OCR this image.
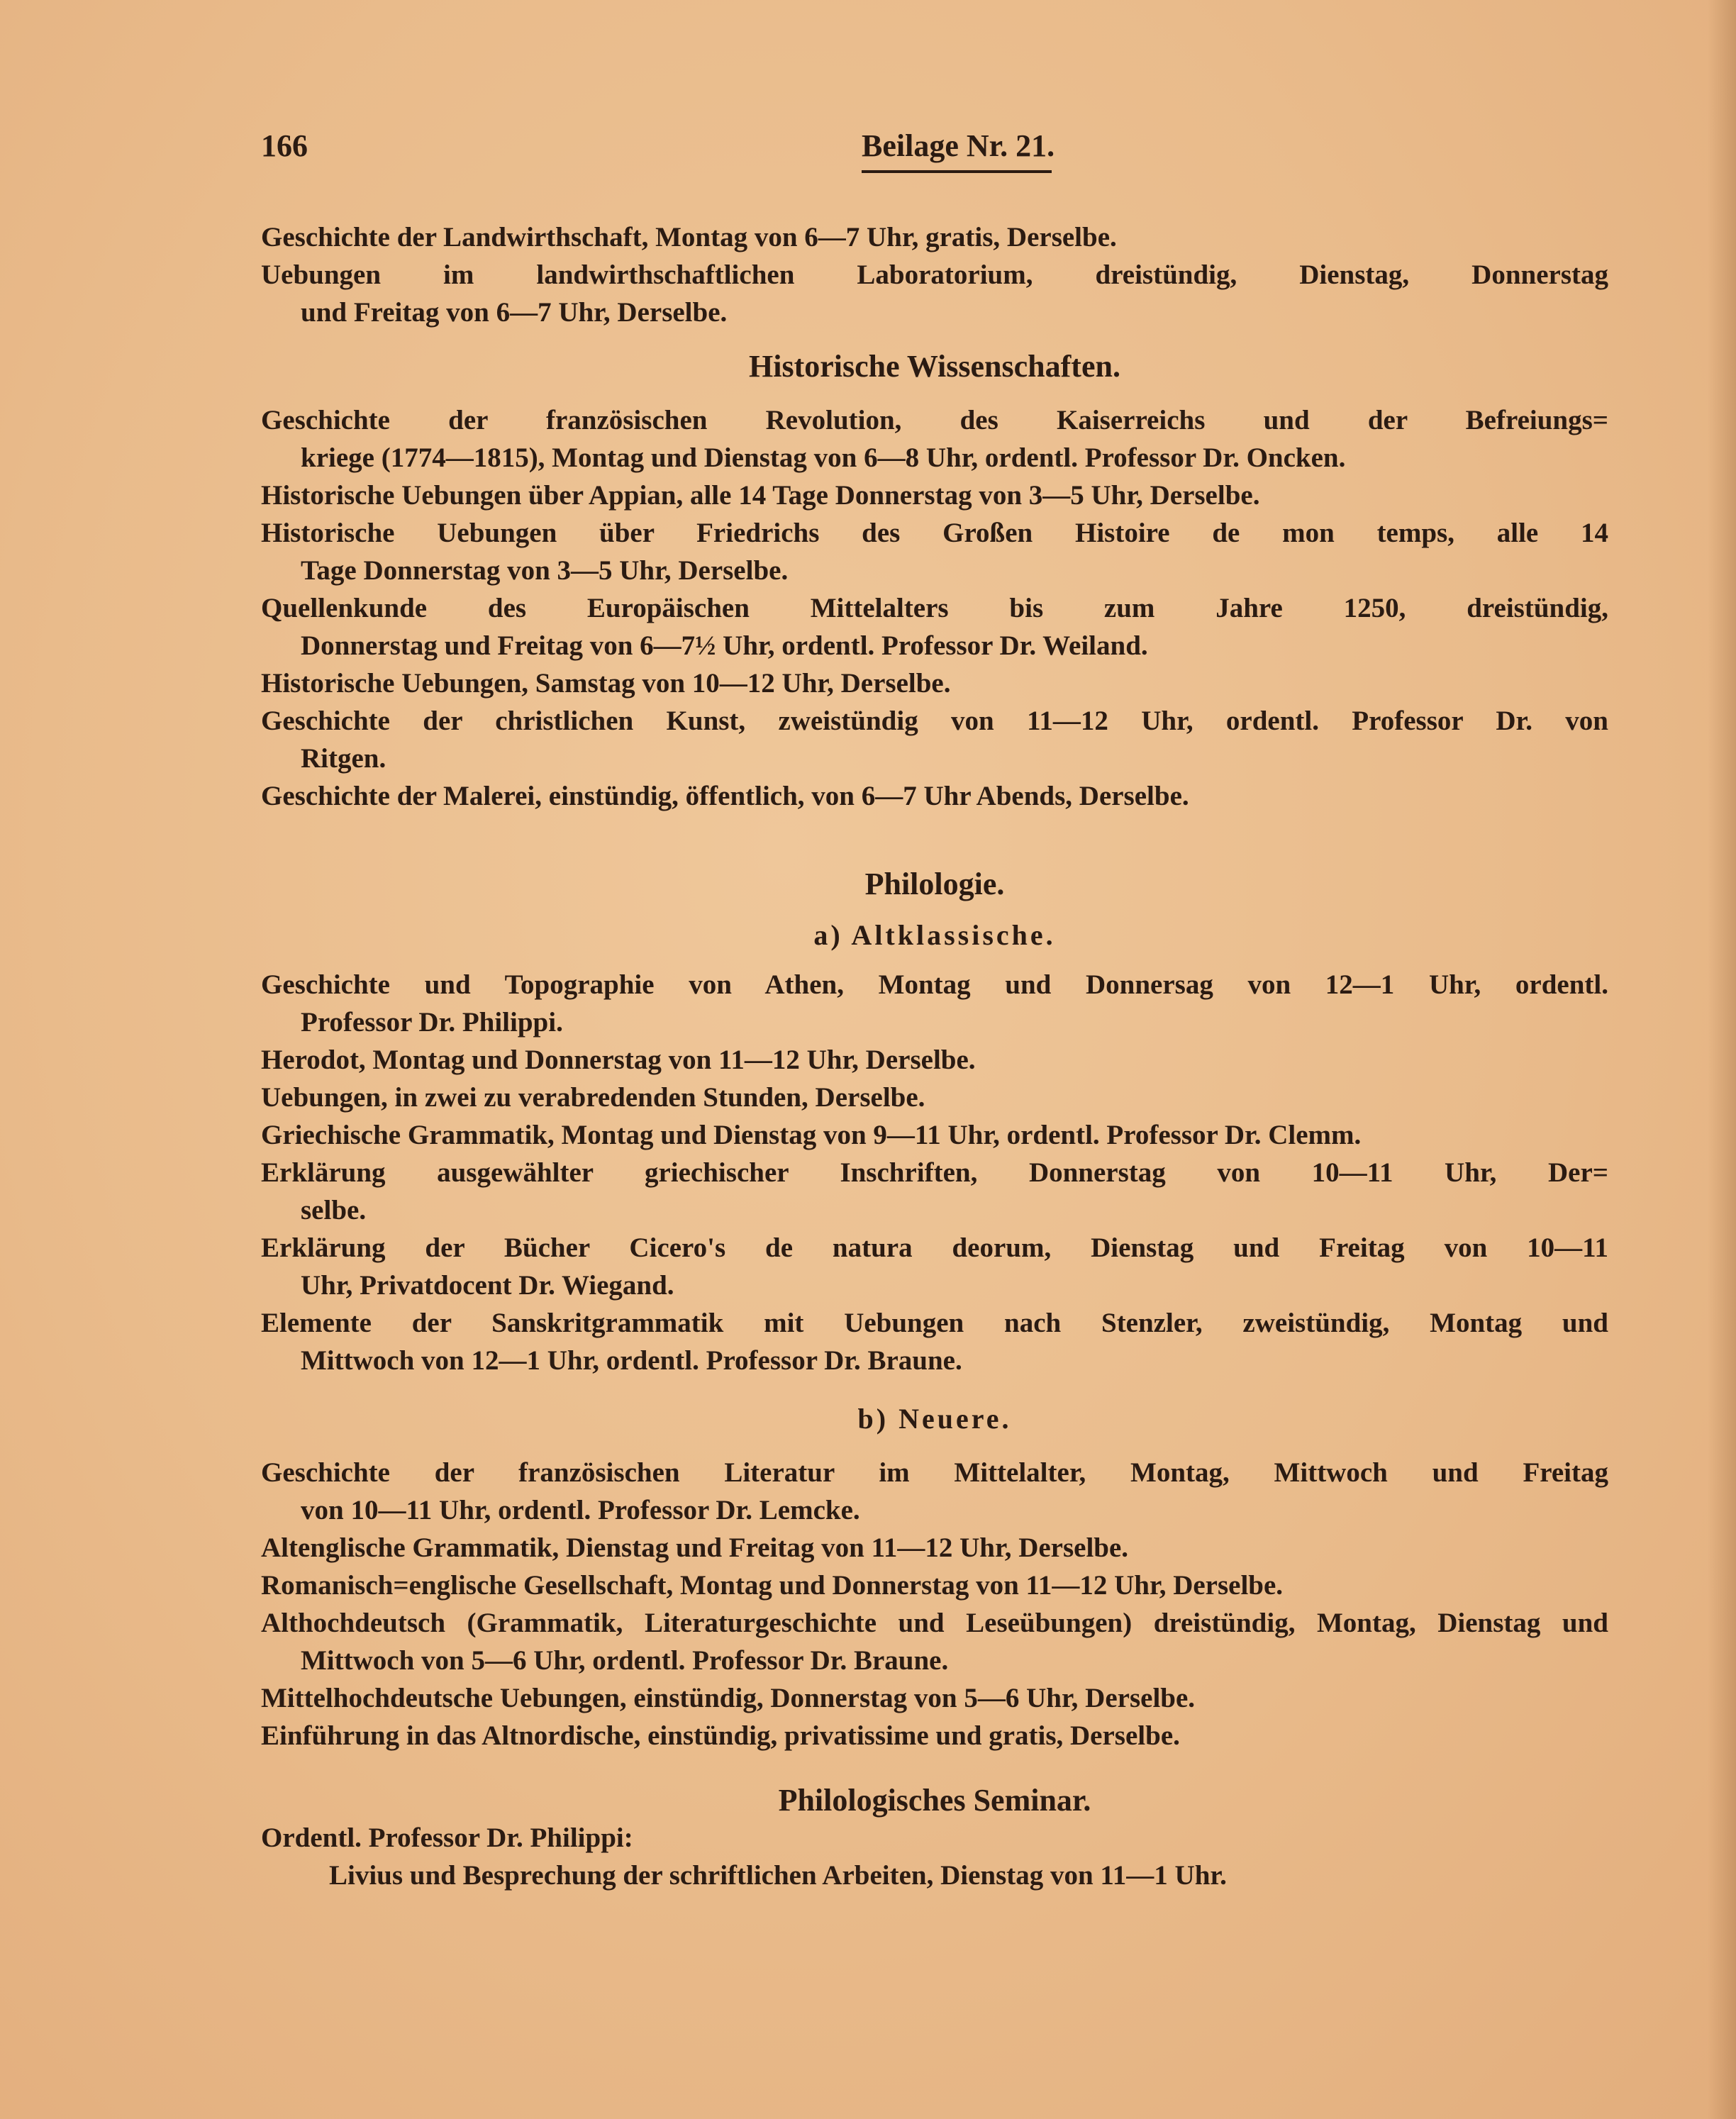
166	Beilage Nr. 21.
Geschichte der Landwirthschaft, Montag von 6—7 Uhr, gratis, Derselbe.
Uebungen im landwirthschaftlichen Laboratorium, dreistündig, Dienstag, Donnerstag
und Freitag von 6—7 Uhr, Derselbe.
Historische Wissenschaften.
Geschichte der französischen Revolution, des Kaiserreichs und der Befreiungs=
kriege (1774—1815), Montag und Dienstag von 6—8 Uhr, ordentl. Professor Dr. Oncken.
Historische Uebungen über Appian, alle 14 Tage Donnerstag von 3—5 Uhr, Derselbe.
Historische Uebungen über Friedrichs des Großen Histoire de mon temps, alle 14
Tage Donnerstag von 3—5 Uhr, Derselbe.
Quellenkunde des Europäischen Mittelalters bis zum Jahre 1250, dreistündig,
Donnerstag und Freitag von 6—7½ Uhr, ordentl. Professor Dr. Weiland.
Historische Uebungen, Samstag von 10—12 Uhr, Derselbe.
Geschichte der christlichen Kunst, zweistündig von 11—12 Uhr, ordentl. Professor Dr. von
Ritgen.
Geschichte der Malerei, einstündig, öffentlich, von 6—7 Uhr Abends, Derselbe.
Philologie.
a) Altklassische.
Geschichte und Topographie von Athen, Montag und Donnersag von 12—1 Uhr, ordentl.
Professor Dr. Philippi.
Herodot, Montag und Donnerstag von 11—12 Uhr, Derselbe.
Uebungen, in zwei zu verabredenden Stunden, Derselbe.
Griechische Grammatik, Montag und Dienstag von 9—11 Uhr, ordentl. Professor Dr. Clemm.
Erklärung ausgewählter griechischer Inschriften, Donnerstag von 10—11 Uhr, Der=
selbe.
Erklärung der Bücher Cicero's de natura deorum, Dienstag und Freitag von 10—11
Uhr, Privatdocent Dr. Wiegand.
Elemente der Sanskritgrammatik mit Uebungen nach Stenzler, zweistündig, Montag und
Mittwoch von 12—1 Uhr, ordentl. Professor Dr. Braune.
b) Neuere.
Geschichte der französischen Literatur im Mittelalter, Montag, Mittwoch und Freitag
von 10—11 Uhr, ordentl. Professor Dr. Lemcke.
Altenglische Grammatik, Dienstag und Freitag von 11—12 Uhr, Derselbe.
Romanisch=englische Gesellschaft, Montag und Donnerstag von 11—12 Uhr, Derselbe.
Althochdeutsch (Grammatik, Literaturgeschichte und Leseübungen) dreistündig, Montag, Dienstag und
Mittwoch von 5—6 Uhr, ordentl. Professor Dr. Braune.
Mittelhochdeutsche Uebungen, einstündig, Donnerstag von 5—6 Uhr, Derselbe.
Einführung in das Altnordische, einstündig, privatissime und gratis, Derselbe.
Philologisches Seminar.
Ordentl. Professor Dr. Philippi:
Livius und Besprechung der schriftlichen Arbeiten, Dienstag von 11—1 Uhr.
